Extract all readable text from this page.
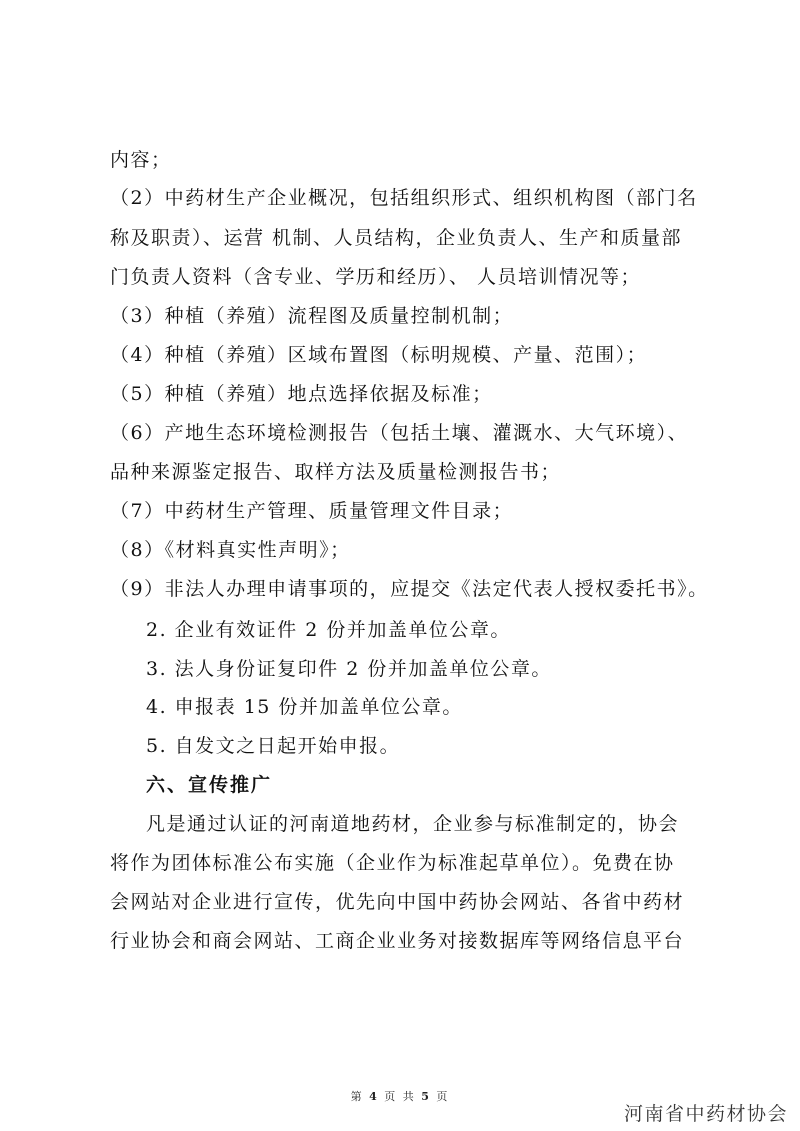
内容；
（2）中药材生产企业概况，包括组织形式、组织机构图（部门名
称及职责）、运营 机制、人员结构，企业负责人、生产和质量部
门负责人资料（含专业、学历和经历）、 人员培训情况等；
（3）种植（养殖）流程图及质量控制机制；
（4）种植（养殖）区域布置图（标明规模、产量、范围）；
（5）种植（养殖）地点选择依据及标准；
（6）产地生态环境检测报告（包括土壤、灌溉水、大气环境）、
品种来源鉴定报告、取样方法及质量检测报告书；
（7）中药材生产管理、质量管理文件目录；
（8）《材料真实性声明》；
（9）非法人办理申请事项的，应提交《法定代表人授权委托书》。
2. 企业有效证件 2 份并加盖单位公章。
3. 法人身份证复印件 2 份并加盖单位公章。
4. 申报表 15 份并加盖单位公章。
5. 自发文之日起开始申报。
六、宣传推广
凡是通过认证的河南道地药材，企业参与标准制定的，协会
将作为团体标准公布实施（企业作为标准起草单位）。免费在协
会网站对企业进行宣传，优先向中国中药协会网站、各省中药材
行业协会和商会网站、工商企业业务对接数据库等网络信息平台
第 4 页 共 5 页
河南省中药材协会
